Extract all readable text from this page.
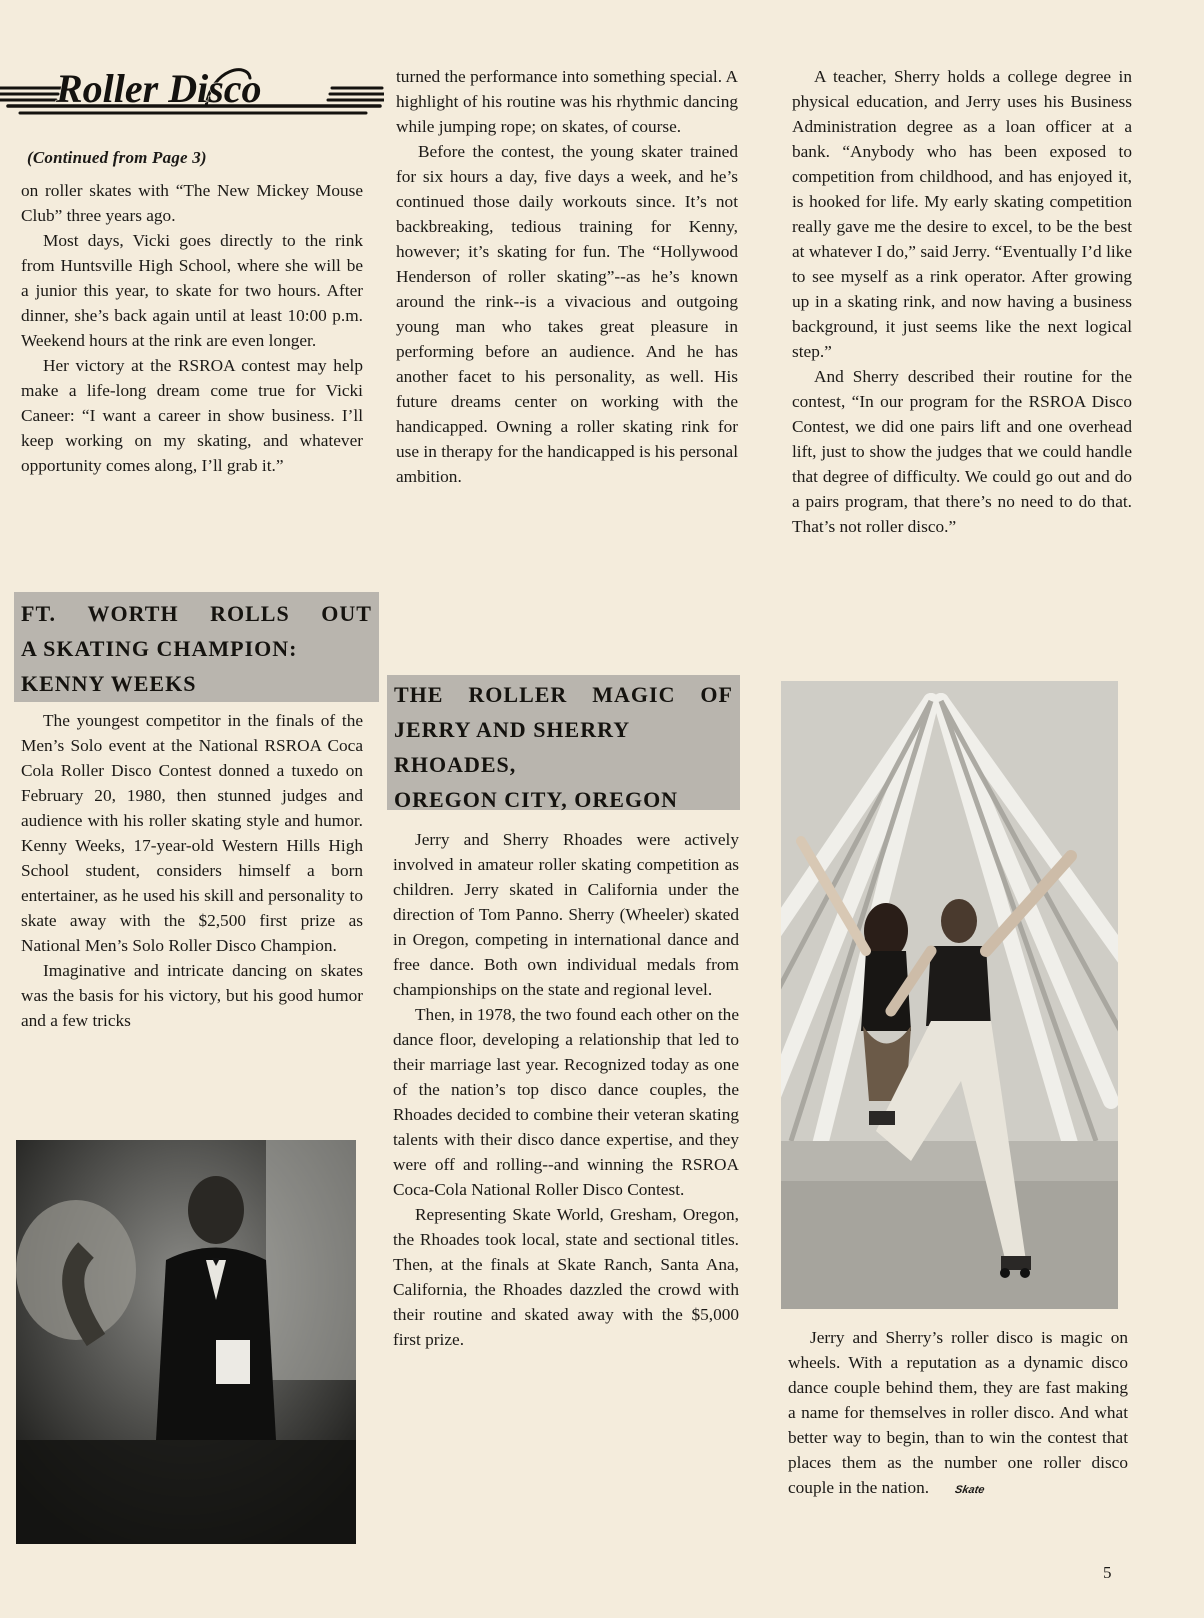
Roller Disco
(Continued from Page 3)

on roller skates with “The New Mickey Mouse Club” three years ago.

Most days, Vicki goes directly to the rink from Huntsville High School, where she will be a junior this year, to skate for two hours. After dinner, she’s back again until at least 10:00 p.m. Weekend hours at the rink are even longer.

Her victory at the RSROA contest may help make a life-long dream come true for Vicki Caneer: “I want a career in show business. I’ll keep working on my skating, and whatever opportunity comes along, I’ll grab it.”

FT. WORTH ROLLS OUT
A SKATING CHAMPION:
KENNY WEEKS

The youngest competitor in the finals of the Men’s Solo event at the National RSROA Coca Cola Roller Disco Contest donned a tuxedo on February 20, 1980, then stunned judges and audience with his roller skating style and humor. Kenny Weeks, 17-year-old Western Hills High School student, considers himself a born entertainer, as he used his skill and personality to skate away with the $2,500 first prize as National Men’s Solo Roller Disco Champion.

Imaginative and intricate dancing on skates was the basis for his victory, but his good humor and a few tricks

turned the performance into something special. A highlight of his routine was his rhythmic dancing while jumping rope; on skates, of course.

Before the contest, the young skater trained for six hours a day, five days a week, and he’s continued those daily workouts since. It’s not backbreaking, tedious training for Kenny, however; it’s skating for fun. The “Hollywood Henderson of roller skating”--as he’s known around the rink--is a vivacious and outgoing young man who takes great pleasure in performing before an audience. And he has another facet to his personality, as well. His future dreams center on working with the handicapped. Owning a roller skating rink for use in therapy for the handicapped is his personal ambition.

THE ROLLER MAGIC OF
JERRY AND SHERRY
RHOADES,
OREGON CITY, OREGON

Jerry and Sherry Rhoades were actively involved in amateur roller skating competition as children. Jerry skated in California under the direction of Tom Panno. Sherry (Wheeler) skated in Oregon, competing in international dance and free dance. Both own individual medals from championships on the state and regional level.

Then, in 1978, the two found each other on the dance floor, developing a relationship that led to their marriage last year. Recognized today as one of the nation’s top disco dance couples, the Rhoades decided to combine their veteran skating talents with their disco dance expertise, and they were off and rolling--and winning the RSROA Coca-Cola National Roller Disco Contest.

Representing Skate World, Gresham, Oregon, the Rhoades took local, state and sectional titles. Then, at the finals at Skate Ranch, Santa Ana, California, the Rhoades dazzled the crowd with their routine and skated away with the $5,000 first prize.

A teacher, Sherry holds a college degree in physical education, and Jerry uses his Business Administration degree as a loan officer at a bank. “Anybody who has been exposed to competition from childhood, and has enjoyed it, is hooked for life. My early skating competition really gave me the desire to excel, to be the best at whatever I do,” said Jerry. “Eventually I’d like to see myself as a rink operator. After growing up in a skating rink, and now having a business background, it just seems like the next logical step.”

And Sherry described their routine for the contest, “In our program for the RSROA Disco Contest, we did one pairs lift and one overhead lift, just to show the judges that we could handle that degree of difficulty. We could go out and do a pairs program, that there’s no need to do that. That’s not roller disco.”

Jerry and Sherry’s roller disco is magic on wheels. With a reputation as a dynamic disco dance couple behind them, they are fast making a name for themselves in roller disco. And what better way to begin, than to win the contest that places them as the number one roller disco couple in the nation. Skate

5
